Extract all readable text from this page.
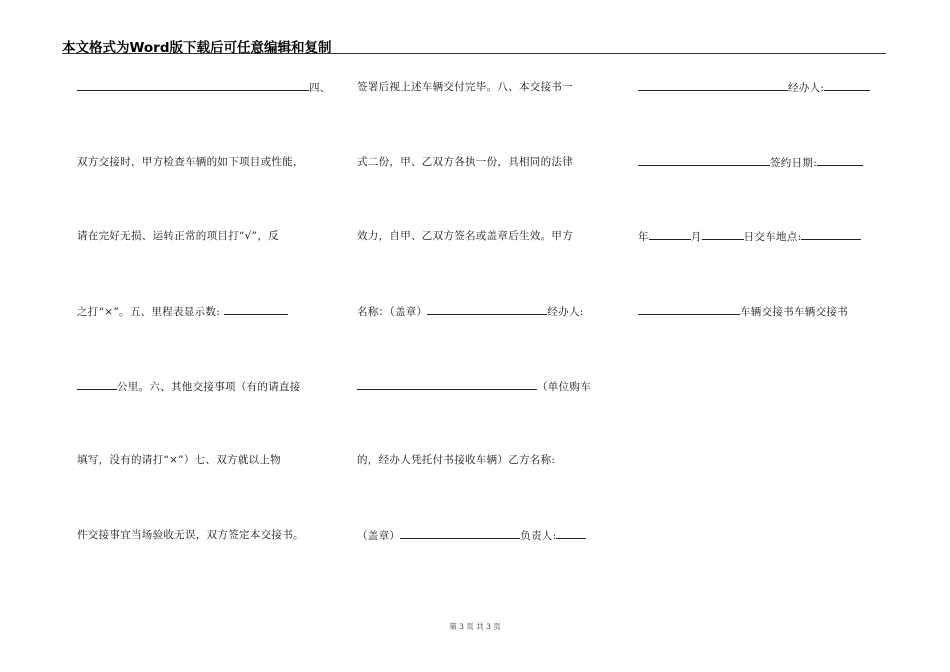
本文格式为Word版下载后可任意编辑和复制
四、
双方交接时，甲方检查车辆的如下项目或性能，
请在完好无损、运转正常的项目打“√”，反
之打“×”。五、里程表显示数:
公里。六、其他交接事项（有的请直接
填写，没有的请打“×”）七、双方就以上物
件交接事宜当场验收无误，双方签定本交接书。
签署后视上述车辆交付完毕。八、本交接书一
式二份，甲、乙双方各执一份，具相同的法律
效力，自甲、乙双方签名或盖章后生效。甲方
名称：（盖章）	经办人:
（单位购车
的，经办人凭托付书接收车辆）乙方名称:
（盖章）	负责人:
经办人:
签约日期:
年	月	日交车地点:
车辆交接书车辆交接书
第 3 页 共 3 页
